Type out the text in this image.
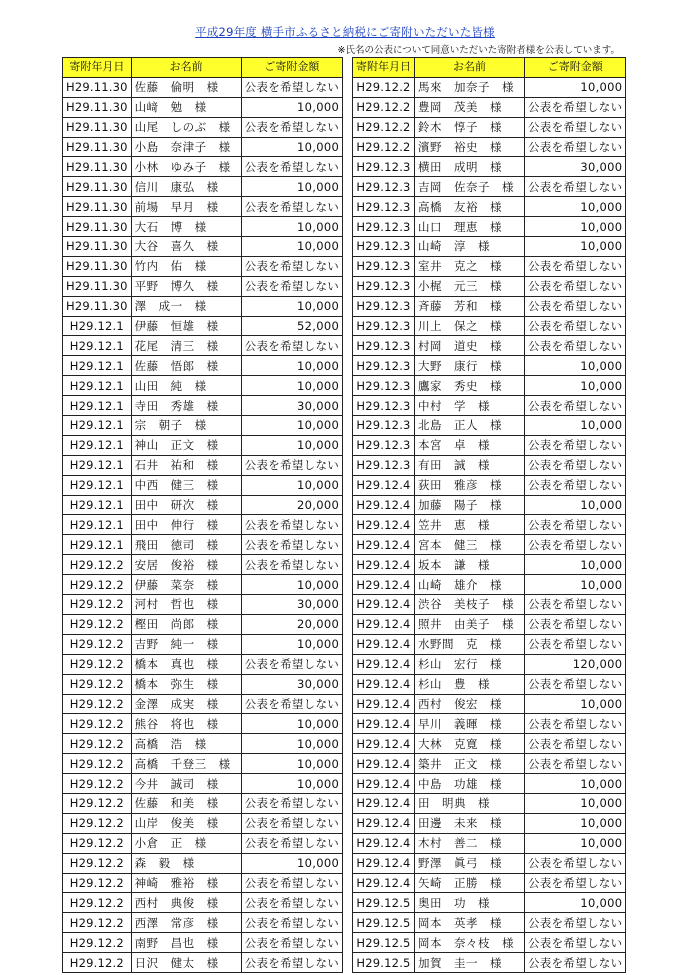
平成29年度 横手市ふるさと納税にご寄附いただいた皆様
※氏名の公表について同意いただいた寄附者様を公表しています。
寄附年月日	お名前	ご寄附金額
H29.11.30	佐藤　倫明　様	公表を希望しない
H29.11.30	山﨑　勉　様	10,000
H29.11.30	山尾　しのぶ　様	公表を希望しない
H29.11.30	小島　奈津子　様	10,000
H29.11.30	小林　ゆみ子　様	公表を希望しない
H29.11.30	信川　康弘　様	10,000
H29.11.30	前場　早月　様	公表を希望しない
H29.11.30	大石　博　様	10,000
H29.11.30	大谷　喜久　様	10,000
H29.11.30	竹内　佑　様	公表を希望しない
H29.11.30	平野　博久　様	公表を希望しない
H29.11.30	澤　成一　様	10,000
H29.12.1	伊藤　恒雄　様	52,000
H29.12.1	花尾　清三　様	公表を希望しない
H29.12.1	佐藤　悟郎　様	10,000
H29.12.1	山田　純　様	10,000
H29.12.1	寺田　秀雄　様	30,000
H29.12.1	宗　朝子　様	10,000
H29.12.1	神山　正文　様	10,000
H29.12.1	石井　祐和　様	公表を希望しない
H29.12.1	中西　健三　様	10,000
H29.12.1	田中　研次　様	20,000
H29.12.1	田中　伸行　様	公表を希望しない
H29.12.1	飛田　徳司　様	公表を希望しない
H29.12.2	安居　俊裕　様	公表を希望しない
H29.12.2	伊藤　菜奈　様	10,000
H29.12.2	河村　哲也　様	30,000
H29.12.2	樫田　尚郎　様	20,000
H29.12.2	吉野　純一　様	10,000
H29.12.2	橋本　真也　様	公表を希望しない
H29.12.2	橋本　弥生　様	30,000
H29.12.2	金澤　成実　様	公表を希望しない
H29.12.2	熊谷　将也　様	10,000
H29.12.2	高橋　浩　様	10,000
H29.12.2	高橋　千登三　様	10,000
H29.12.2	今井　誠司　様	10,000
H29.12.2	佐藤　和美　様	公表を希望しない
H29.12.2	山岸　俊美　様	公表を希望しない
H29.12.2	小倉　正　様	公表を希望しない
H29.12.2	森　毅　様	10,000
H29.12.2	神崎　雅裕　様	公表を希望しない
H29.12.2	西村　典俊　様	公表を希望しない
H29.12.2	西澤　常彦　様	公表を希望しない
H29.12.2	南野　昌也　様	公表を希望しない
H29.12.2	日沢　健太　様	公表を希望しない
寄附年月日	お名前	ご寄附金額
H29.12.2	馬來　加奈子　様	10,000
H29.12.2	豊岡　茂美　様	公表を希望しない
H29.12.2	鈴木　惇子　様	公表を希望しない
H29.12.2	濱野　裕史　様	公表を希望しない
H29.12.3	横田　成明　様	30,000
H29.12.3	吉岡　佐奈子　様	公表を希望しない
H29.12.3	高橋　友裕　様	10,000
H29.12.3	山口　理恵　様	10,000
H29.12.3	山崎　淳　様	10,000
H29.12.3	室井　克之　様	公表を希望しない
H29.12.3	小梶　元三　様	公表を希望しない
H29.12.3	斉藤　芳和　様	公表を希望しない
H29.12.3	川上　保之　様	公表を希望しない
H29.12.3	村岡　道史　様	公表を希望しない
H29.12.3	大野　康行　様	10,000
H29.12.3	鷹家　秀史　様	10,000
H29.12.3	中村　学　様	公表を希望しない
H29.12.3	北島　正人　様	10,000
H29.12.3	本宮　卓　様	公表を希望しない
H29.12.3	有田　誠　様	公表を希望しない
H29.12.4	荻田　雅彦　様	公表を希望しない
H29.12.4	加藤　陽子　様	10,000
H29.12.4	笠井　恵　様	公表を希望しない
H29.12.4	宮本　健三　様	公表を希望しない
H29.12.4	坂本　謙　様	10,000
H29.12.4	山崎　雄介　様	10,000
H29.12.4	渋谷　美枝子　様	公表を希望しない
H29.12.4	照井　由美子　様	公表を希望しない
H29.12.4	水野間　克　様	公表を希望しない
H29.12.4	杉山　宏行　様	120,000
H29.12.4	杉山　豊　様	公表を希望しない
H29.12.4	西村　俊宏　様	10,000
H29.12.4	早川　義暉　様	公表を希望しない
H29.12.4	大林　克寛　様	公表を希望しない
H29.12.4	築井　正文　様	公表を希望しない
H29.12.4	中島　功雄　様	10,000
H29.12.4	田　明典　様	10,000
H29.12.4	田邊　未来　様	10,000
H29.12.4	木村　善二　様	10,000
H29.12.4	野澤　眞弓　様	公表を希望しない
H29.12.4	矢崎　正勝　様	公表を希望しない
H29.12.5	奥田　功　様	10,000
H29.12.5	岡本　英孝　様	公表を希望しない
H29.12.5	岡本　奈々枝　様	公表を希望しない
H29.12.5	加賀　圭一　様	公表を希望しない
